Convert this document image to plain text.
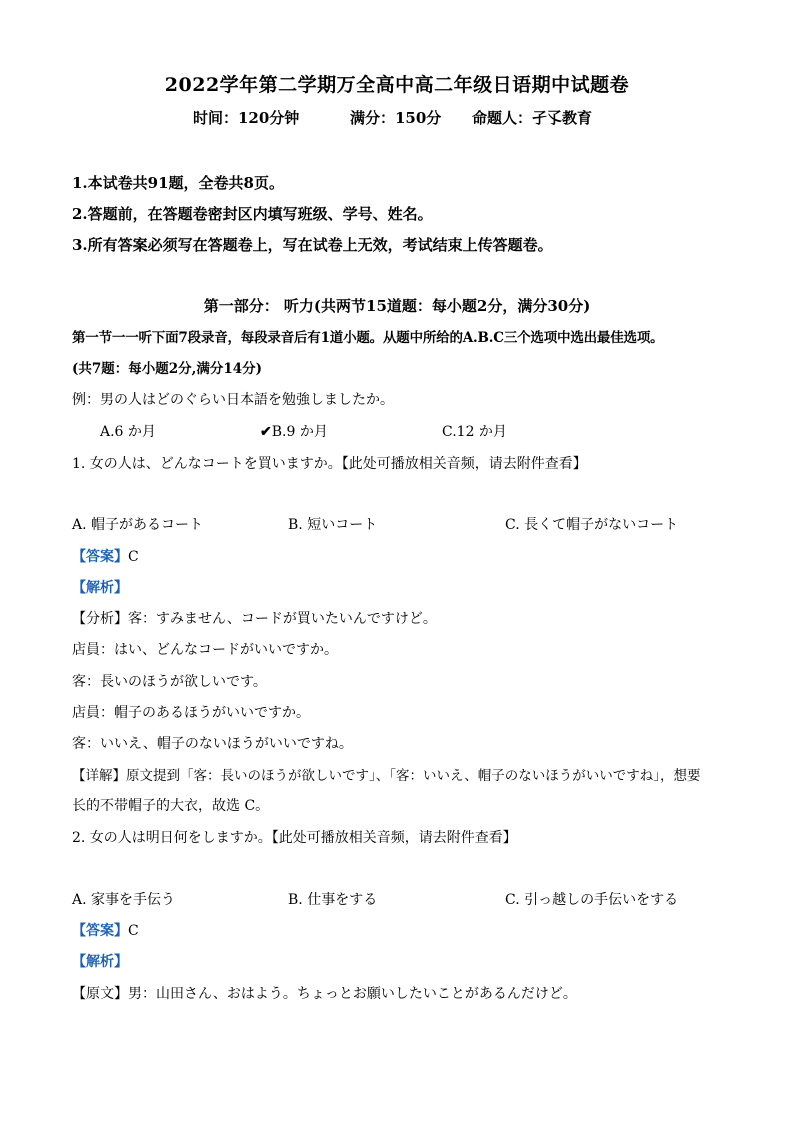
2022学年第二学期万全高中高二年级日语期中试题卷
时间：120分钟	满分：150分 命题人：孑孓教育
1.本试卷共91题，全卷共8页。
2.答题前，在答题卷密封区内填写班级、学号、姓名。
3.所有答案必须写在答题卷上，写在试卷上无效，考试结束上传答题卷。
第一部分： 听力(共两节15道题：每小题2分，满分30分)
第一节一一听下面7段录音，每段录音后有1道小题。从题中所给的A.B.C三个选项中选出最佳选项。
(共7题：每小题2分,满分14分)
例：男の人はどのぐらい日本語を勉強しましたか。
A.6 か月	✔B.9 か月	C.12 か月
1. 女の人は、どんなコートを買いますか。【此处可播放相关音频，请去附件查看】
A. 帽子があるコート	B. 短いコート	C. 長くて帽子がないコート
【答案】C
【解析】
【分析】客：すみません、コードが買いたいんですけど。
店員：はい、どんなコードがいいですか。
客：長いのほうが欲しいです。
店員：帽子のあるほうがいいですか。
客：いいえ、帽子のないほうがいいですね。
【详解】原文提到「客：長いのほうが欲しいです」、「客：いいえ、帽子のないほうがいいですね」，想要
长的不带帽子的大衣，故选 C。
2. 女の人は明日何をしますか。【此处可播放相关音频，请去附件查看】
A. 家事を手伝う	B. 仕事をする	C. 引っ越しの手伝いをする
【答案】C
【解析】
【原文】男：山田さん、おはよう。ちょっとお願いしたいことがあるんだけど。
